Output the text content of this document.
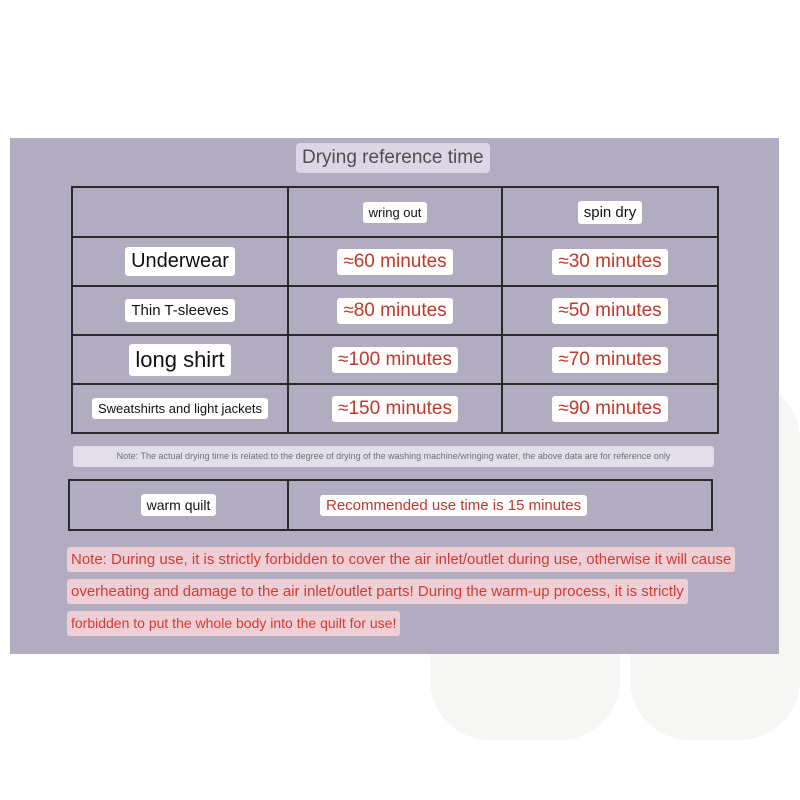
Drying reference time
	wring out	spin dry
Underwear	≈60 minutes	≈30 minutes
Thin T-sleeves	≈80 minutes	≈50 minutes
long shirt	≈100 minutes	≈70 minutes
Sweatshirts and light jackets	≈150 minutes	≈90 minutes
Note: The actual drying time is related to the degree of drying of the washing machine/wringing water, the above data are for reference only
warm quilt	Recommended use time is 15 minutes
Note: During use, it is strictly forbidden to cover the air inlet/outlet during use, otherwise it will cause
overheating and damage to the air inlet/outlet parts! During the warm-up process, it is strictly
forbidden to put the whole body into the quilt for use!
